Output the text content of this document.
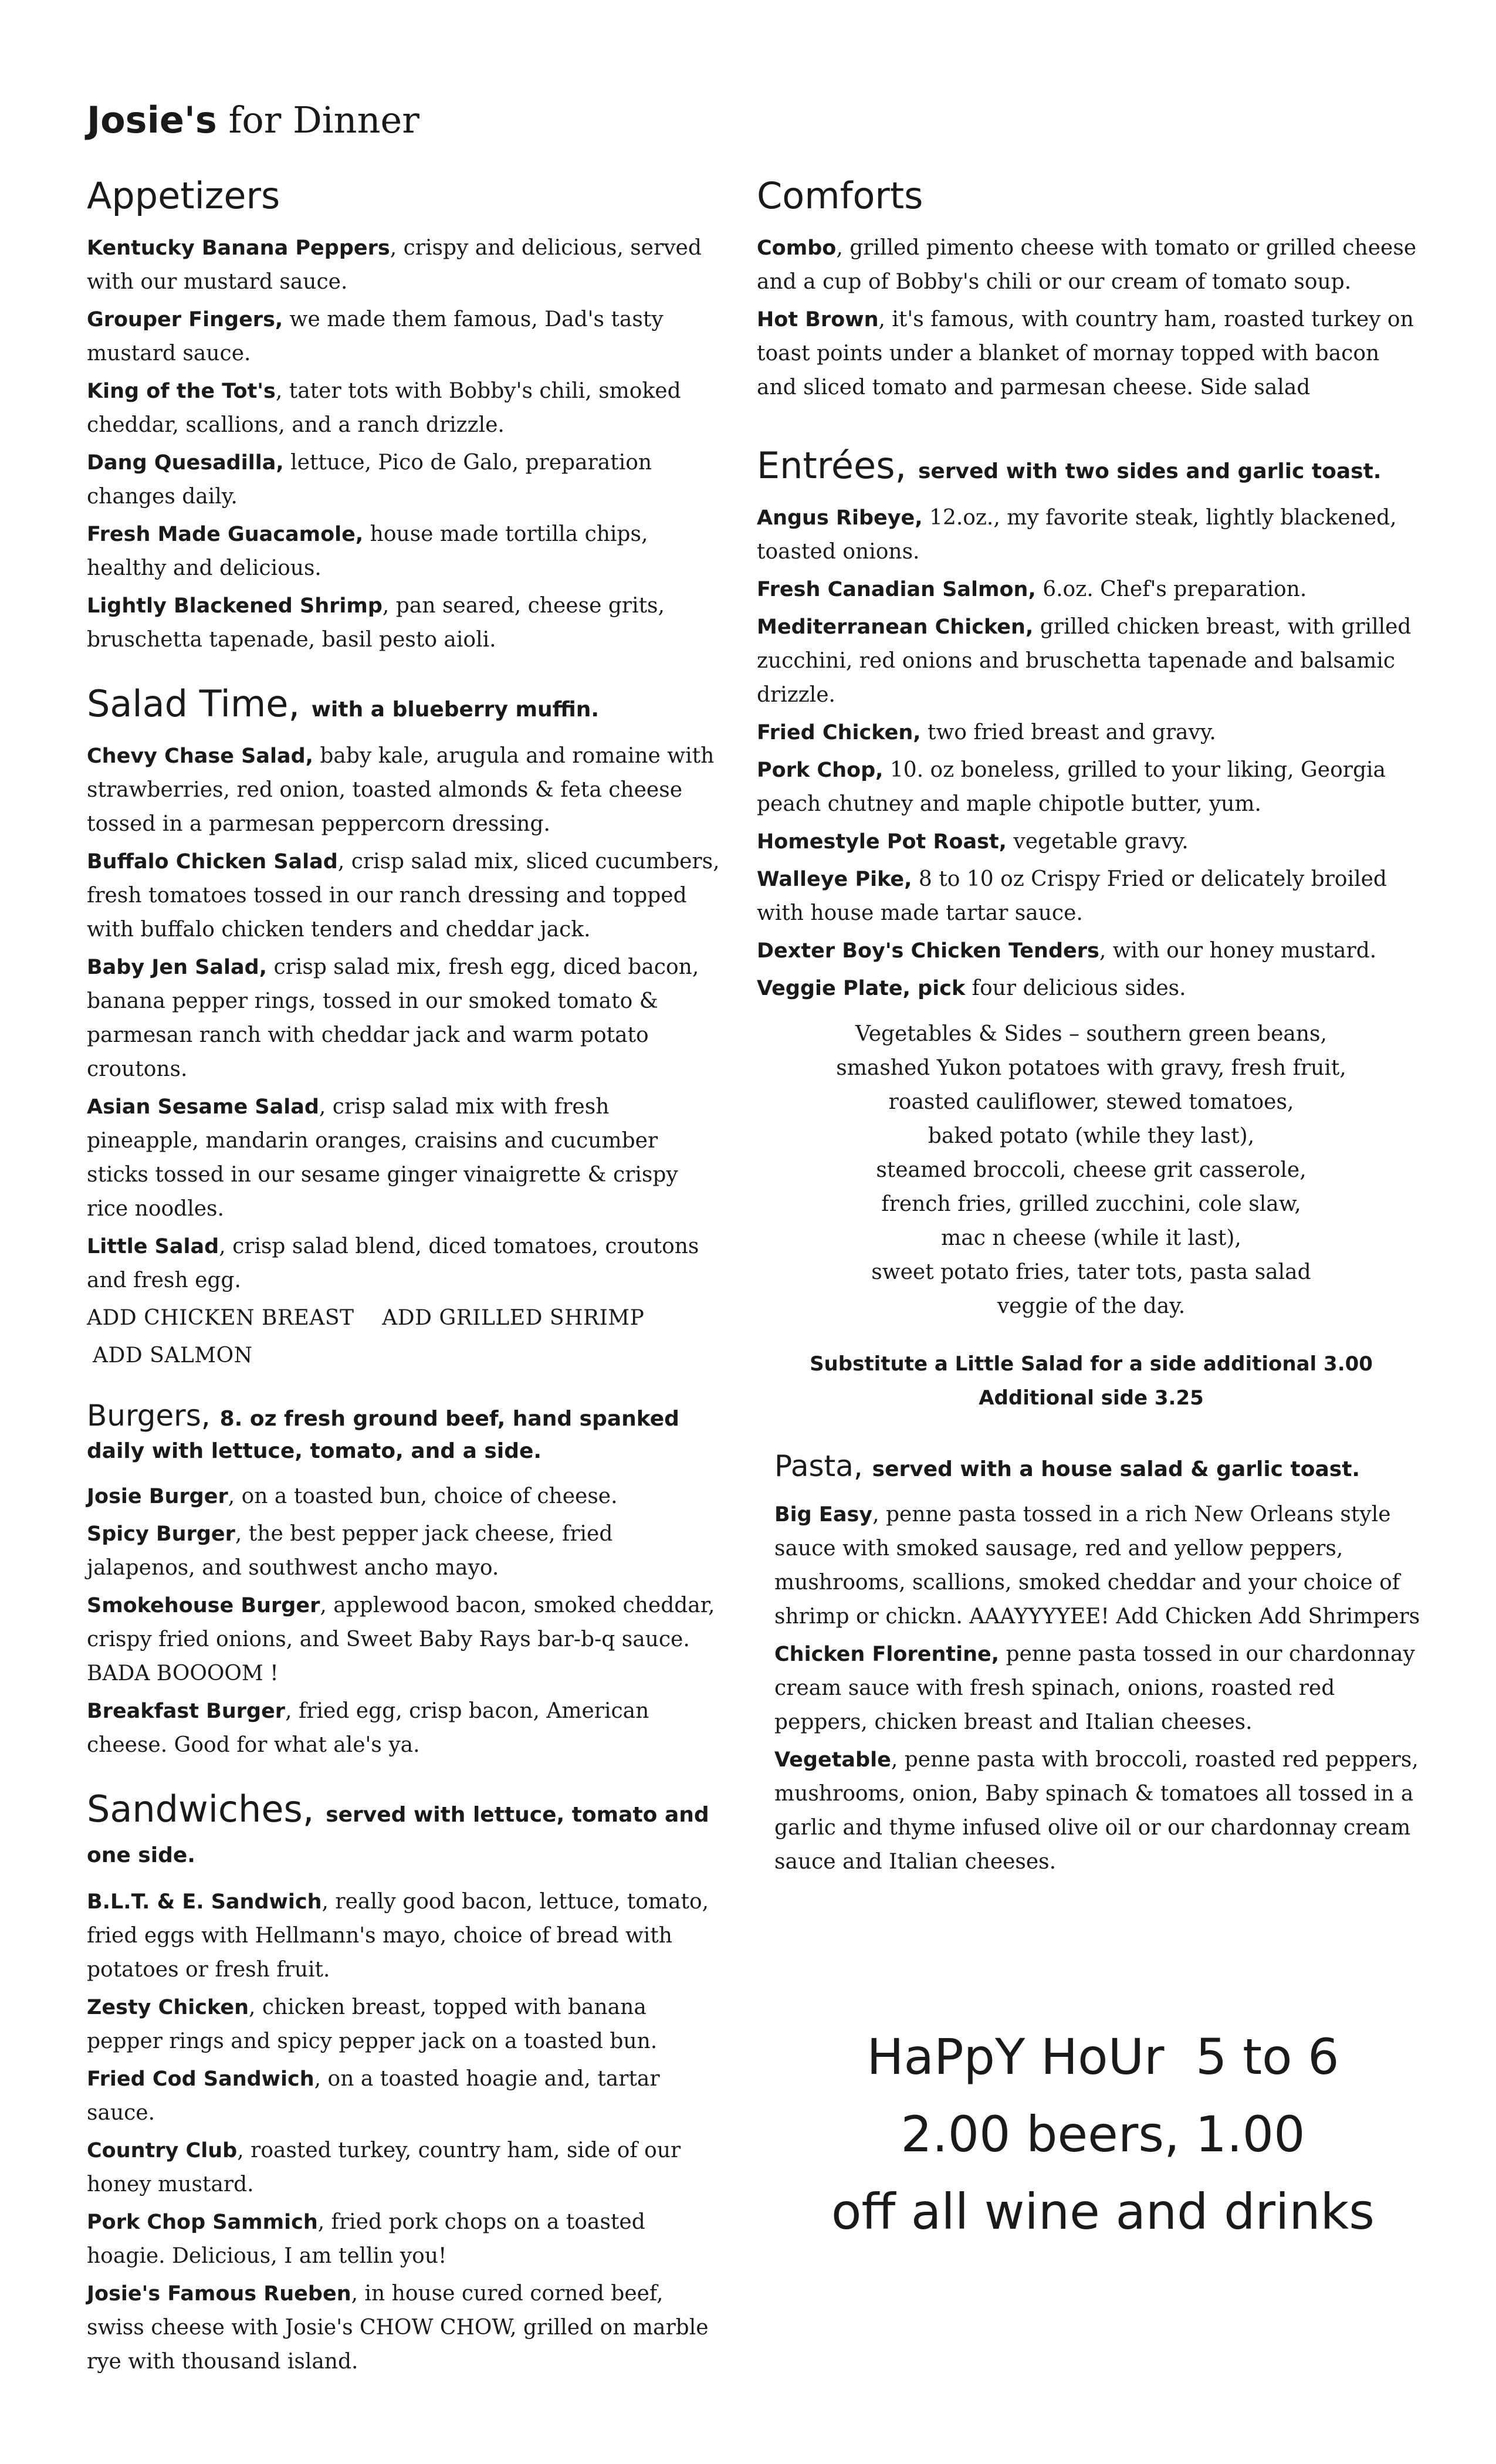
Josie's for Dinner
Appetizers
Kentucky Banana Peppers, crispy and delicious, served with our mustard sauce.
Grouper Fingers, we made them famous, Dad's tasty mustard sauce.
King of the Tot's, tater tots with Bobby's chili, smoked cheddar, scallions, and a ranch drizzle.
Dang Quesadilla, lettuce, Pico de Galo, preparation changes daily.
Fresh Made Guacamole, house made tortilla chips, healthy and delicious.
Lightly Blackened Shrimp, pan seared, cheese grits, bruschetta tapenade, basil pesto aioli.
Salad Time, with a blueberry muffin.
Chevy Chase Salad, baby kale, arugula and romaine with strawberries, red onion, toasted almonds & feta cheese tossed in a parmesan peppercorn dressing.
Buffalo Chicken Salad, crisp salad mix, sliced cucumbers, fresh tomatoes tossed in our ranch dressing and topped with buffalo chicken tenders and cheddar jack.
Baby Jen Salad, crisp salad mix, fresh egg, diced bacon, banana pepper rings, tossed in our smoked tomato & parmesan ranch with cheddar jack and warm potato croutons.
Asian Sesame Salad, crisp salad mix with fresh pineapple, mandarin oranges, craisins and cucumber sticks tossed in our sesame ginger vinaigrette & crispy rice noodles.
Little Salad, crisp salad blend, diced tomatoes, croutons and fresh egg.
ADD CHICKEN BREAST    ADD GRILLED SHRIMP
ADD SALMON
Burgers, 8. oz fresh ground beef, hand spanked daily with lettuce, tomato, and a side.
Josie Burger, on a toasted bun, choice of cheese.
Spicy Burger, the best pepper jack cheese, fried jalapenos, and southwest ancho mayo.
Smokehouse Burger, applewood bacon, smoked cheddar, crispy fried onions, and Sweet Baby Rays bar-b-q sauce. BADA BOOOOM !
Breakfast Burger, fried egg, crisp bacon, American cheese. Good for what ale's ya.
Sandwiches, served with lettuce, tomato and one side.
B.L.T. & E. Sandwich, really good bacon, lettuce, tomato, fried eggs with Hellmann's mayo, choice of bread with potatoes or fresh fruit.
Zesty Chicken, chicken breast, topped with banana pepper rings and spicy pepper jack on a toasted bun.
Fried Cod Sandwich, on a toasted hoagie and, tartar sauce.
Country Club, roasted turkey, country ham, side of our honey mustard.
Pork Chop Sammich, fried pork chops on a toasted hoagie. Delicious, I am tellin you!
Josie's Famous Rueben, in house cured corned beef, swiss cheese with Josie's CHOW CHOW, grilled on marble rye with thousand island.
Comforts
Combo, grilled pimento cheese with tomato or grilled cheese and a cup of Bobby's chili or our cream of tomato soup.
Hot Brown, it's famous, with country ham, roasted turkey on toast points under a blanket of mornay topped with bacon and sliced tomato and parmesan cheese. Side salad
Entrées, served with two sides and garlic toast.
Angus Ribeye, 12.oz., my favorite steak, lightly blackened, toasted onions.
Fresh Canadian Salmon, 6.oz. Chef's preparation.
Mediterranean Chicken, grilled chicken breast, with grilled zucchini, red onions and bruschetta tapenade and balsamic drizzle.
Fried Chicken, two fried breast and gravy.
Pork Chop, 10. oz boneless, grilled to your liking, Georgia peach chutney and maple chipotle butter, yum.
Homestyle Pot Roast, vegetable gravy.
Walleye Pike, 8 to 10 oz Crispy Fried or delicately broiled with house made tartar sauce.
Dexter Boy's Chicken Tenders, with our honey mustard.
Veggie Plate, pick four delicious sides.
Vegetables & Sides – southern green beans,
smashed Yukon potatoes with gravy, fresh fruit,
roasted cauliflower, stewed tomatoes,
baked potato (while they last),
steamed broccoli, cheese grit casserole,
french fries, grilled zucchini, cole slaw,
mac n cheese (while it last),
sweet potato fries, tater tots, pasta salad
veggie of the day.
Substitute a Little Salad for a side additional 3.00
Additional side 3.25
Pasta, served with a house salad & garlic toast.
Big Easy, penne pasta tossed in a rich New Orleans style sauce with smoked sausage, red and yellow peppers, mushrooms, scallions, smoked cheddar and your choice of shrimp or chickn. AAAYYYYEE! Add Chicken Add Shrimpers
Chicken Florentine, penne pasta tossed in our chardonnay cream sauce with fresh spinach, onions, roasted red peppers, chicken breast and Italian cheeses.
Vegetable, penne pasta with broccoli, roasted red peppers, mushrooms, onion, Baby spinach & tomatoes all tossed in a garlic and thyme infused olive oil or our chardonnay cream sauce and Italian cheeses.
HaPpY HoUr  5 to 6
2.00 beers, 1.00
off all wine and drinks
